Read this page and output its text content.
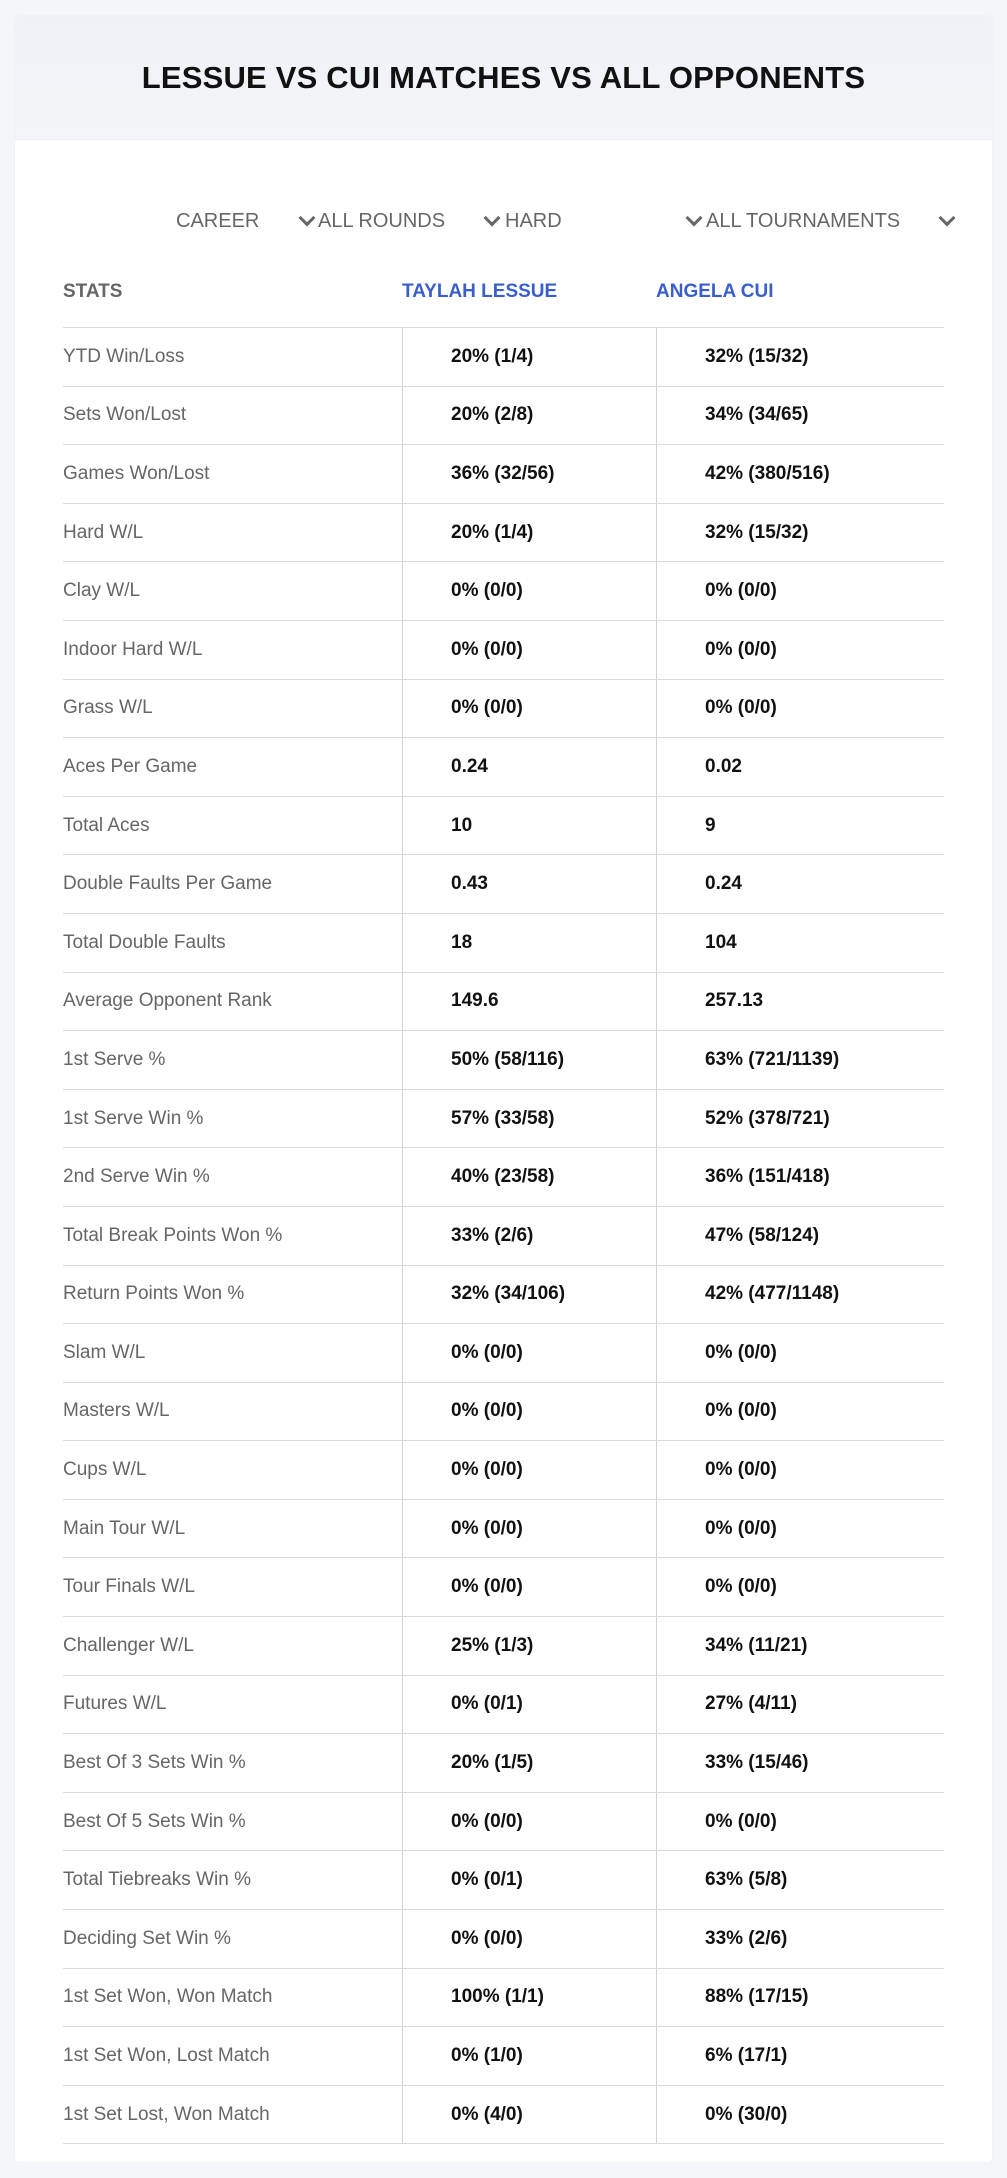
LESSUE VS CUI MATCHES VS ALL OPPONENTS
CAREER	ALL ROUNDS	HARD	ALL TOURNAMENTS
STATS	TAYLAH LESSUE	ANGELA CUI
YTD Win/Loss	20% (1/4)	32% (15/32)
Sets Won/Lost	20% (2/8)	34% (34/65)
Games Won/Lost	36% (32/56)	42% (380/516)
Hard W/L	20% (1/4)	32% (15/32)
Clay W/L	0% (0/0)	0% (0/0)
Indoor Hard W/L	0% (0/0)	0% (0/0)
Grass W/L	0% (0/0)	0% (0/0)
Aces Per Game	0.24	0.02
Total Aces	10	9
Double Faults Per Game	0.43	0.24
Total Double Faults	18	104
Average Opponent Rank	149.6	257.13
1st Serve %	50% (58/116)	63% (721/1139)
1st Serve Win %	57% (33/58)	52% (378/721)
2nd Serve Win %	40% (23/58)	36% (151/418)
Total Break Points Won %	33% (2/6)	47% (58/124)
Return Points Won %	32% (34/106)	42% (477/1148)
Slam W/L	0% (0/0)	0% (0/0)
Masters W/L	0% (0/0)	0% (0/0)
Cups W/L	0% (0/0)	0% (0/0)
Main Tour W/L	0% (0/0)	0% (0/0)
Tour Finals W/L	0% (0/0)	0% (0/0)
Challenger W/L	25% (1/3)	34% (11/21)
Futures W/L	0% (0/1)	27% (4/11)
Best Of 3 Sets Win %	20% (1/5)	33% (15/46)
Best Of 5 Sets Win %	0% (0/0)	0% (0/0)
Total Tiebreaks Win %	0% (0/1)	63% (5/8)
Deciding Set Win %	0% (0/0)	33% (2/6)
1st Set Won, Won Match	100% (1/1)	88% (17/15)
1st Set Won, Lost Match	0% (1/0)	6% (17/1)
1st Set Lost, Won Match	0% (4/0)	0% (30/0)
